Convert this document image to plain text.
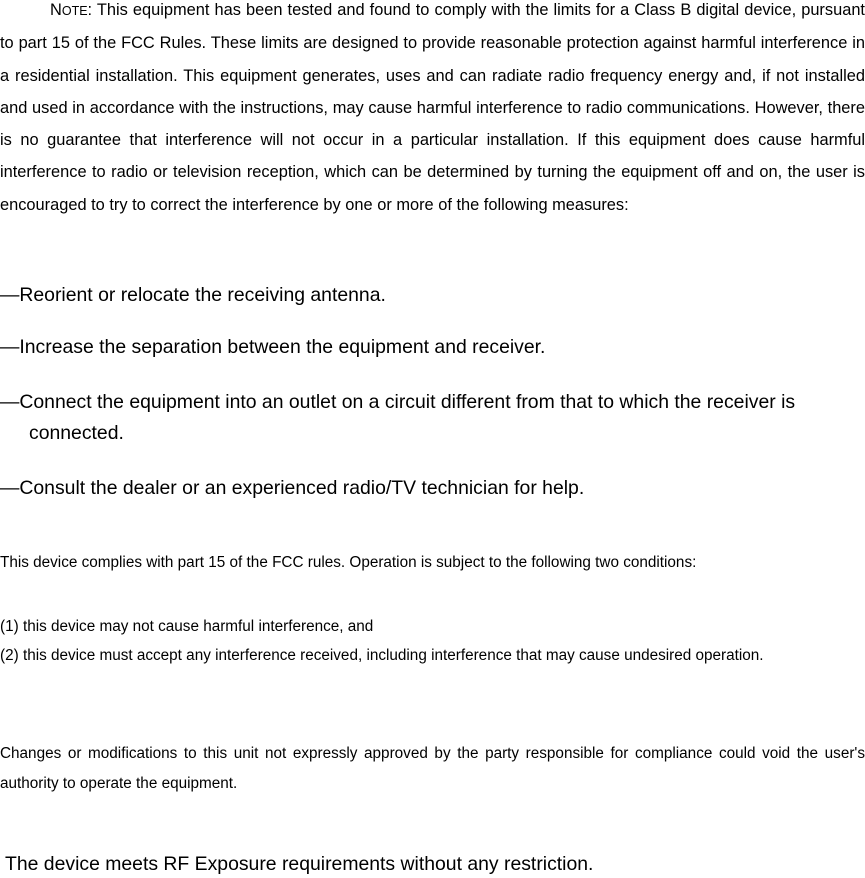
NOTE: This equipment has been tested and found to comply with the limits for a Class B digital device, pursuant to part 15 of the FCC Rules. These limits are designed to provide reasonable protection against harmful interference in a residential installation. This equipment generates, uses and can radiate radio frequency energy and, if not installed and used in accordance with the instructions, may cause harmful interference to radio communications. However, there is no guarantee that interference will not occur in a particular installation. If this equipment does cause harmful interference to radio or television reception, which can be determined by turning the equipment off and on, the user is encouraged to try to correct the interference by one or more of the following measures:

—Reorient or relocate the receiving antenna.

—Increase the separation between the equipment and receiver.

—Connect the equipment into an outlet on a circuit different from that to which the receiver is connected.

—Consult the dealer or an experienced radio/TV technician for help.

This device complies with part 15 of the FCC rules. Operation is subject to the following two conditions:

(1) this device may not cause harmful interference, and

(2) this device must accept any interference received, including interference that may cause undesired operation.

Changes or modifications to this unit not expressly approved by the party responsible for compliance could void the user's authority to operate the equipment.

The device meets RF Exposure requirements without any restriction.
